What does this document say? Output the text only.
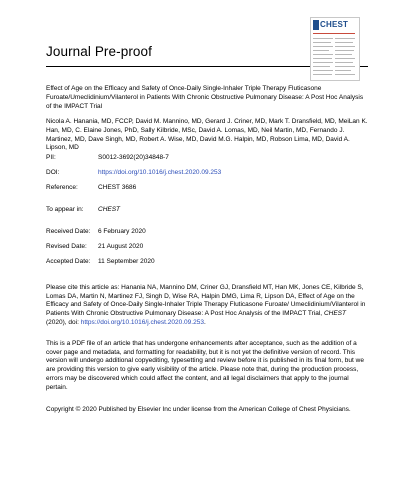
Journal Pre-proof
CHEST

Effect of Age on the Efficacy and Safety of Once-Daily Single-Inhaler Triple Therapy Fluticasone Furoate/Umeclidinium/Vilanterol in Patients With Chronic Obstructive Pulmonary Disease: A Post Hoc Analysis of the IMPACT Trial

Nicola A. Hanania, MD, FCCP, David M. Mannino, MD, Gerard J. Criner, MD, Mark T. Dransfield, MD, MeiLan K. Han, MD, C. Elaine Jones, PhD, Sally Kilbride, MSc, David A. Lomas, MD, Neil Martin, MD, Fernando J. Martinez, MD, Dave Singh, MD, Robert A. Wise, MD, David M.G. Halpin, MD, Robson Lima, MD, David A. Lipson, MD

PII:	S0012-3692(20)34848-7
DOI:	https://doi.org/10.1016/j.chest.2020.09.253
Reference:	CHEST 3686
To appear in: CHEST
Received Date: 6 February 2020
Revised Date: 21 August 2020
Accepted Date: 11 September 2020

Please cite this article as: Hanania NA, Mannino DM, Criner GJ, Dransfield MT, Han MK, Jones CE, Kilbride S, Lomas DA, Martin N, Martinez FJ, Singh D, Wise RA, Halpin DMG, Lima R, Lipson DA, Effect of Age on the Efficacy and Safety of Once-Daily Single-Inhaler Triple Therapy Fluticasone Furoate/ Umeclidinium/Vilanterol in Patients With Chronic Obstructive Pulmonary Disease: A Post Hoc Analysis of the IMPACT Trial, CHEST (2020), doi: https://doi.org/10.1016/j.chest.2020.09.253.

This is a PDF file of an article that has undergone enhancements after acceptance, such as the addition of a cover page and metadata, and formatting for readability, but it is not yet the definitive version of record. This version will undergo additional copyediting, typesetting and review before it is published in its final form, but we are providing this version to give early visibility of the article. Please note that, during the production process, errors may be discovered which could affect the content, and all legal disclaimers that apply to the journal pertain.

Copyright © 2020 Published by Elsevier Inc under license from the American College of Chest Physicians.
